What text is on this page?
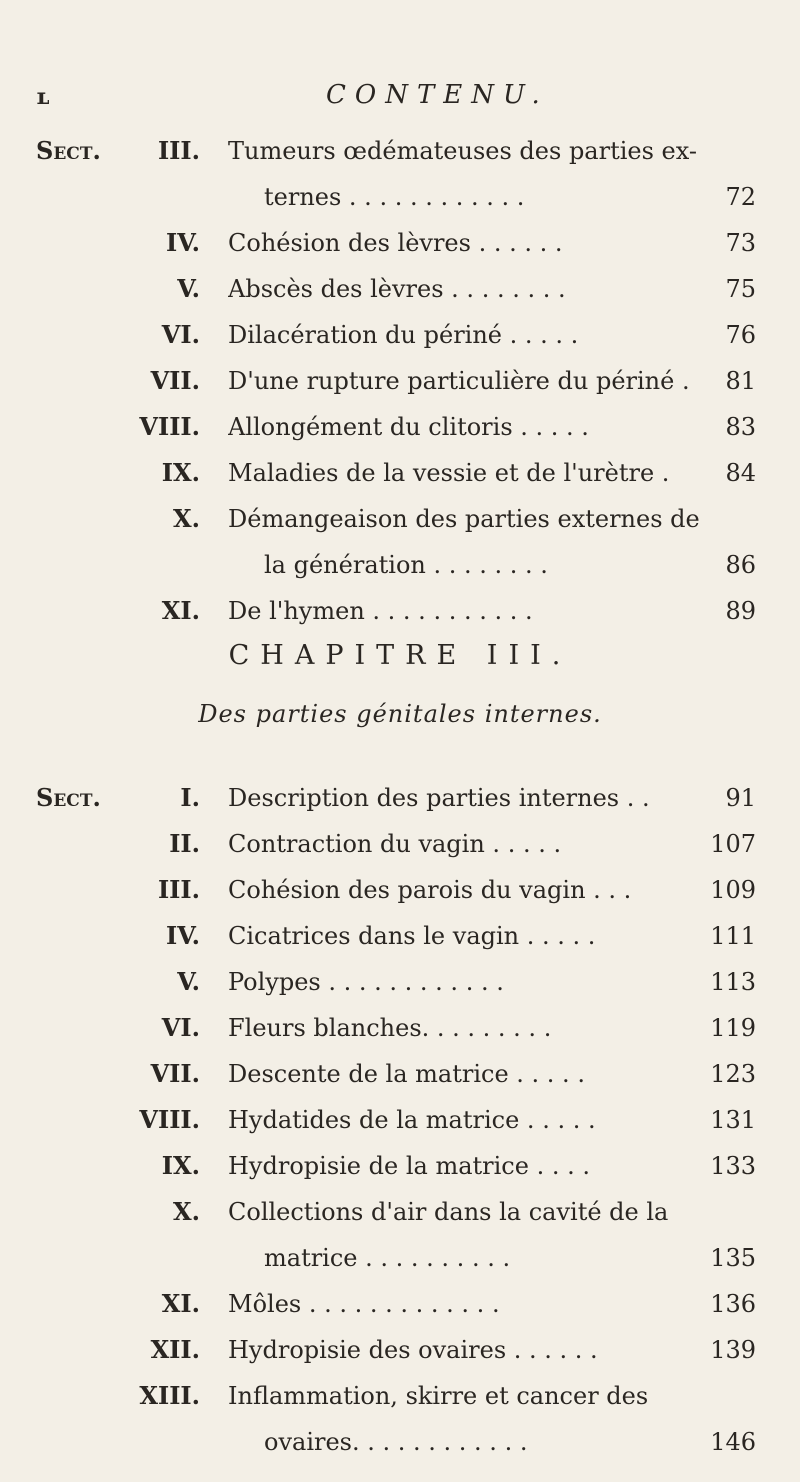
ʟ	CONTENU.
Sect.	III. Tumeurs œdémateuses des parties ex-
ternes . . . . . . . . . . . .	72
IV. Cohésion des lèvres . . . . . .	73
V. Abscès des lèvres . . . . . . . .	75
VI. Dilacération du périné . . . . .	76
VII. D'une rupture particulière du périné .	81
VIII. Allongément du clitoris . . . . .	83
IX. Maladies de la vessie et de l'urètre .	84
X. Démangeaison des parties externes de
la génération . . . . . . . .	86
XI. De l'hymen . . . . . . . . . . .	89
CHAPITRE III.
Des parties génitales internes.
Sect.	I. Description des parties internes . .	91
II. Contraction du vagin . . . . .	107
III. Cohésion des parois du vagin . . .	109
IV. Cicatrices dans le vagin . . . . .	111
V. Polypes . . . . . . . . . . . .	113
VI. Fleurs blanches. . . . . . . . .	119
VII. Descente de la matrice . . . . .	123
VIII. Hydatides de la matrice . . . . .	131
IX. Hydropisie de la matrice . . . .	133
X. Collections d'air dans la cavité de la
matrice . . . . . . . . . .	135
XI. Môles . . . . . . . . . . . . .	136
XII. Hydropisie des ovaires . . . . . .	139
XIII. Inflammation, skirre et cancer des
ovaires. . . . . . . . . . . .	146
